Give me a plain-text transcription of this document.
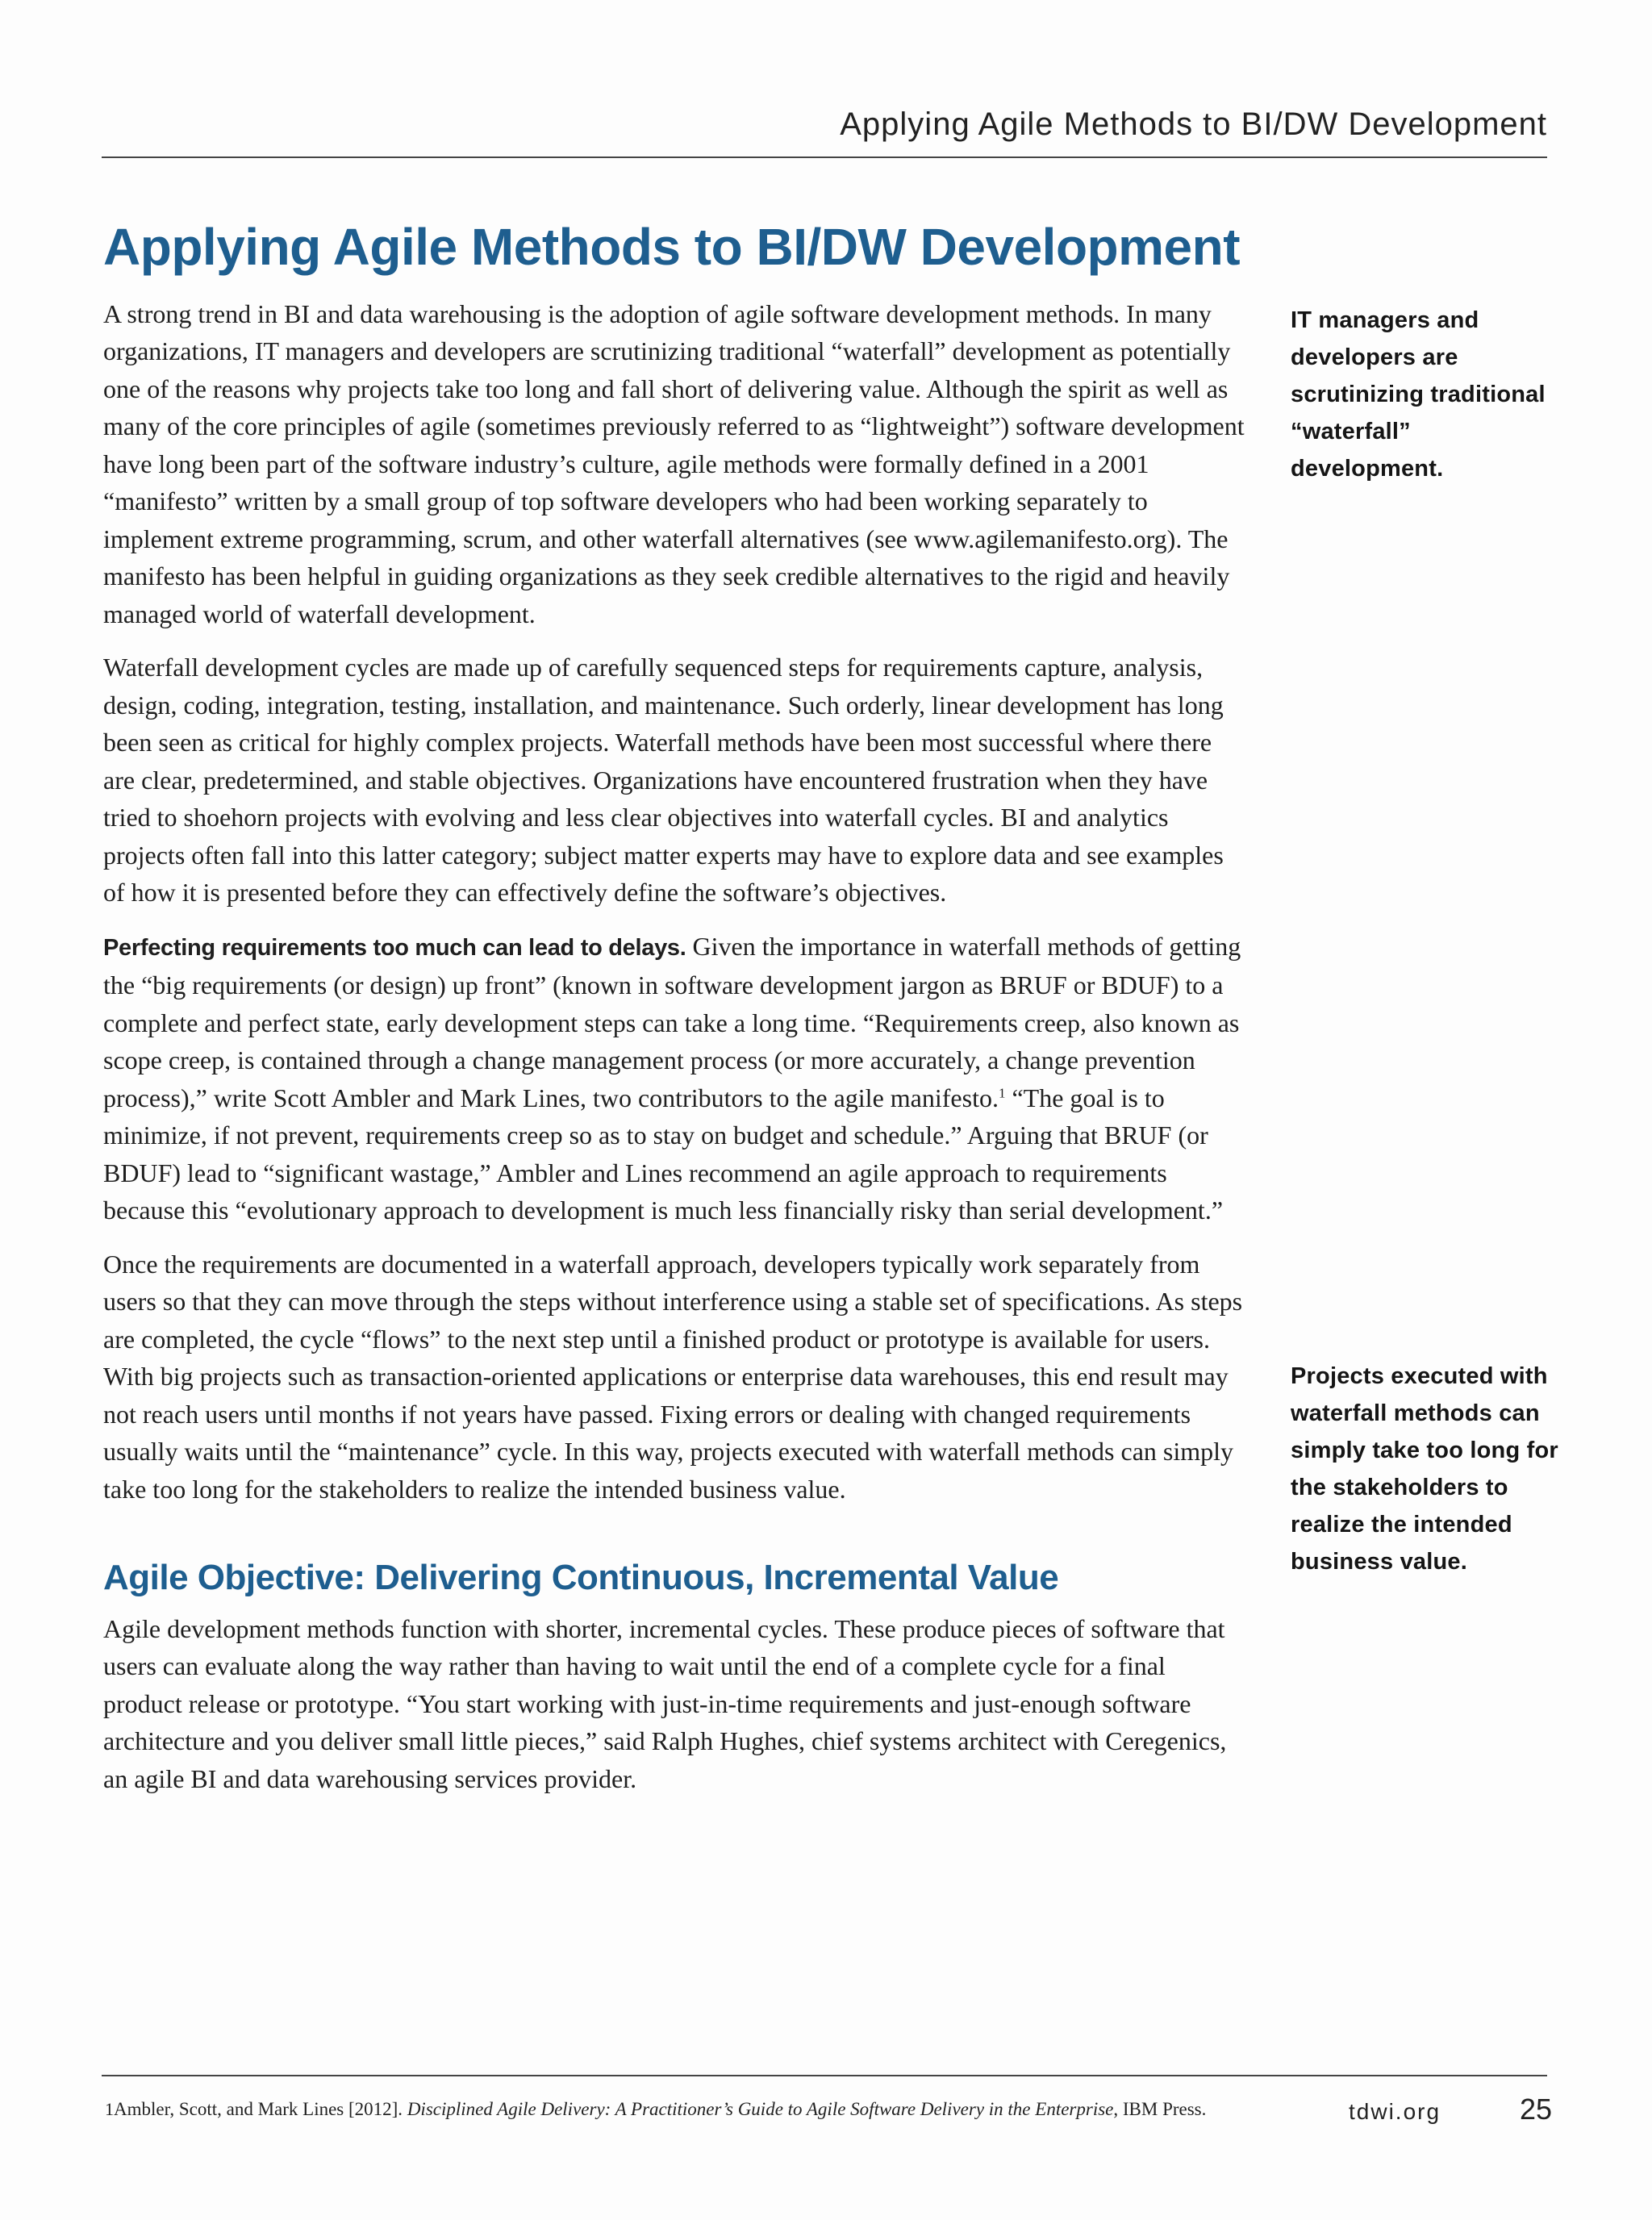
Applying Agile Methods to BI/DW Development
Applying Agile Methods to BI/DW Development

A strong trend in BI and data warehousing is the adoption of agile software development methods. In many organizations, IT managers and developers are scrutinizing traditional “waterfall” development as potentially one of the reasons why projects take too long and fall short of delivering value. Although the spirit as well as many of the core principles of agile (sometimes previously referred to as “lightweight”) software development have long been part of the software industry’s culture, agile methods were formally defined in a 2001 “manifesto” written by a small group of top software developers who had been working separately to implement extreme programming, scrum, and other waterfall alternatives (see www.agilemanifesto.org). The manifesto has been helpful in guiding organizations as they seek credible alternatives to the rigid and heavily managed world of waterfall development.

Waterfall development cycles are made up of carefully sequenced steps for requirements capture, analysis, design, coding, integration, testing, installation, and maintenance. Such orderly, linear development has long been seen as critical for highly complex projects. Waterfall methods have been most successful where there are clear, predetermined, and stable objectives. Organizations have encountered frustration when they have tried to shoehorn projects with evolving and less clear objectives into waterfall cycles. BI and analytics projects often fall into this latter category; subject matter experts may have to explore data and see examples of how it is presented before they can effectively define the software’s objectives.

Perfecting requirements too much can lead to delays. Given the importance in waterfall methods of getting the “big requirements (or design) up front” (known in software development jargon as BRUF or BDUF) to a complete and perfect state, early development steps can take a long time. “Requirements creep, also known as scope creep, is contained through a change management process (or more accurately, a change prevention process),” write Scott Ambler and Mark Lines, two contributors to the agile manifesto.$^1$ “The goal is to minimize, if not prevent, requirements creep so as to stay on budget and schedule.” Arguing that BRUF (or BDUF) lead to “significant wastage,” Ambler and Lines recommend an agile approach to requirements because this “evolutionary approach to development is much less financially risky than serial development.”

Once the requirements are documented in a waterfall approach, developers typically work separately from users so that they can move through the steps without interference using a stable set of specifications. As steps are completed, the cycle “flows” to the next step until a finished product or prototype is available for users. With big projects such as transaction-oriented applications or enterprise data warehouses, this end result may not reach users until months if not years have passed. Fixing errors or dealing with changed requirements usually waits until the “maintenance” cycle. In this way, projects executed with waterfall methods can simply take too long for the stakeholders to realize the intended business value.

Agile Objective: Delivering Continuous, Incremental Value

Agile development methods function with shorter, incremental cycles. These produce pieces of software that users can evaluate along the way rather than having to wait until the end of a complete cycle for a final product release or prototype. “You start working with just-in-time requirements and just-enough software architecture and you deliver small little pieces,” said Ralph Hughes, chief systems architect with Ceregenics, an agile BI and data warehousing services provider.

IT managers and developers are scrutinizing traditional “waterfall” development.
Projects executed with waterfall methods can simply take too long for the stakeholders to realize the intended business value.
1Ambler, Scott, and Mark Lines [2012]. Disciplined Agile Delivery: A Practitioner’s Guide to Agile Software Delivery in the Enterprise, IBM Press.	tdwi.org	25
